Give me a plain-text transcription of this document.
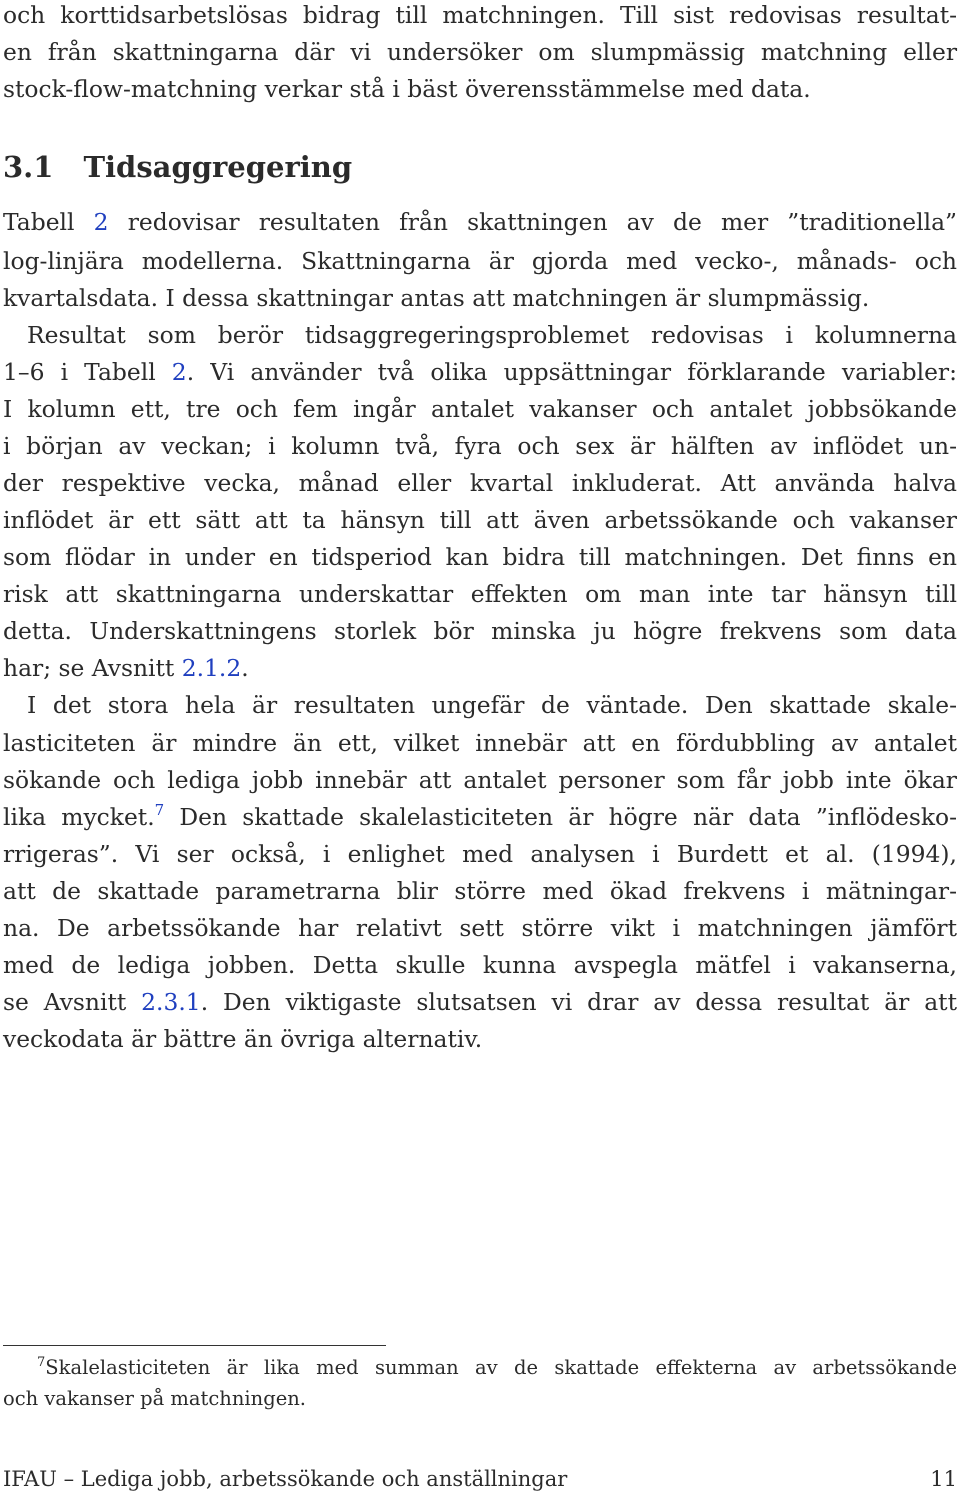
och korttidsarbetslösas bidrag till matchningen. Till sist redovisas resultat-
en från skattningarna där vi undersöker om slumpmässig matchning eller
stock-flow-matchning verkar stå i bäst överensstämmelse med data.
3.1 Tidsaggregering
Tabell 2 redovisar resultaten från skattningen av de mer ”traditionella”
log-linjära modellerna. Skattningarna är gjorda med vecko-, månads- och
kvartalsdata. I dessa skattningar antas att matchningen är slumpmässig.
Resultat som berör tidsaggregeringsproblemet redovisas i kolumnerna
1–6 i Tabell 2. Vi använder två olika uppsättningar förklarande variabler:
I kolumn ett, tre och fem ingår antalet vakanser och antalet jobbsökande
i början av veckan; i kolumn två, fyra och sex är hälften av inflödet un-
der respektive vecka, månad eller kvartal inkluderat. Att använda halva
inflödet är ett sätt att ta hänsyn till att även arbetssökande och vakanser
som flödar in under en tidsperiod kan bidra till matchningen. Det finns en
risk att skattningarna underskattar effekten om man inte tar hänsyn till
detta. Underskattningens storlek bör minska ju högre frekvens som data
har; se Avsnitt 2.1.2.
I det stora hela är resultaten ungefär de väntade. Den skattade skale-
lasticiteten är mindre än ett, vilket innebär att en fördubbling av antalet
sökande och lediga jobb innebär att antalet personer som får jobb inte ökar
lika mycket.$^7$ Den skattade skalelasticiteten är högre när data ”inflödesko-
rrigeras”. Vi ser också, i enlighet med analysen i Burdett et al. (1994),
att de skattade parametrarna blir större med ökad frekvens i mätningar-
na. De arbetssökande har relativt sett större vikt i matchningen jämfört
med de lediga jobben. Detta skulle kunna avspegla mätfel i vakanserna,
se Avsnitt 2.3.1. Den viktigaste slutsatsen vi drar av dessa resultat är att
veckodata är bättre än övriga alternativ.
$^7$Skalelasticiteten är lika med summan av de skattade effekterna av arbetssökande
och vakanser på matchningen.
IFAU – Lediga jobb, arbetssökande och anställningar	11
